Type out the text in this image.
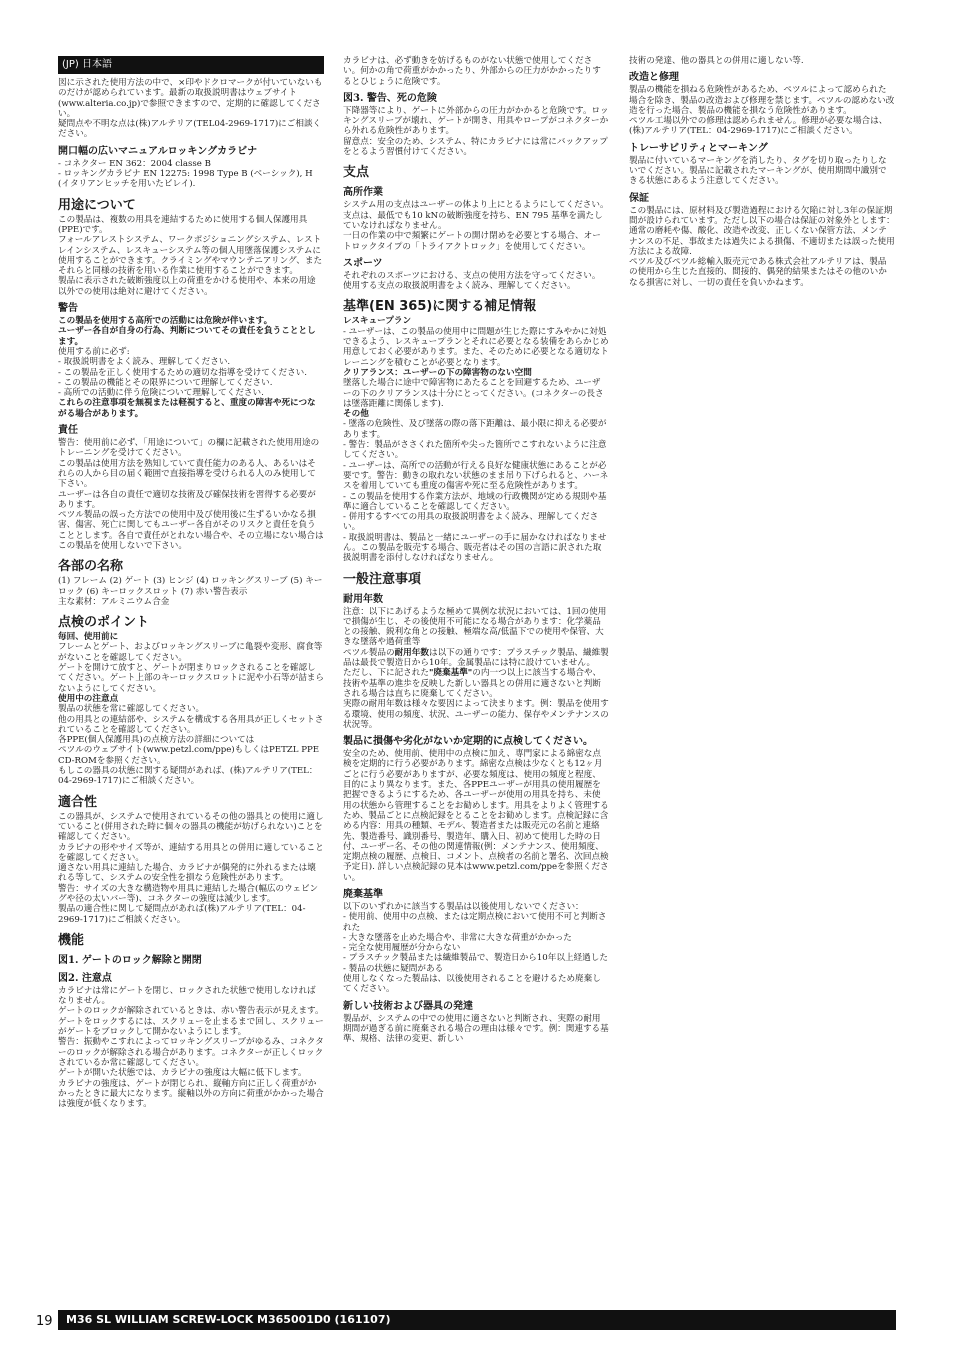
(JP) 日本語

図に示された使用方法の中で、×印やドクロマークが付いていないものだけが認められています。最新の取扱説明書はウェブサイト(www.alteria.co.jp)で参照できますので、定期的に確認してください。
疑問点や不明な点は(株)アルテリア(TEL04-2969-1717)にご相談ください。

開口幅の広いマニュアルロッキングカラビナ

- コネクター EN 362：2004 classe B
- ロッキングカラビナ EN 12275: 1998 Type B (ベーシック), H (イタリアンヒッチを用いたビレイ).

用途について

この製品は、複数の用具を連結するために使用する個人保護用具(PPE)です。
フォールアレストシステム、ワークポジショニングシステム、レストレインシステム、レスキューシステム等の個人用墜落保護システムに使用することができます。クライミングやマウンテニアリング、またそれらと同様の技術を用いる作業に使用することができます。
製品に表示された破断強度以上の荷重をかける使用や、本来の用途以外での使用は絶対に避けてください。

警告

この製品を使用する高所での活動には危険が伴います。
ユーザー各自が自身の行為、判断についてその責任を負うこととします。

使用する前に必ず:
- 取扱説明書をよく読み、理解してください.
- この製品を正しく使用するための適切な指導を受けてください.
- この製品の機能とその限界について理解してください.
- 高所での活動に伴う危険について理解してください.

これらの注意事項を無視または軽視すると、重度の障害や死につながる場合があります。

責任

警告：使用前に必ず、「用途について」の欄に記載された使用用途のトレーニングを受けてください。
この製品は使用方法を熟知していて責任能力のある人、あるいはそれらの人から目の届く範囲で直接指導を受けられる人のみ使用して下さい。
ユーザーは各自の責任で適切な技術及び確保技術を習得する必要があります。
ペツル製品の誤った方法での使用中及び使用後に生ずるいかなる損害、傷害、死亡に関してもユーザー各自がそのリスクと責任を負うこととします。各自で責任がとれない場合や、その立場にない場合はこの製品を使用しないで下さい。

各部の名称

(1) フレーム (2) ゲート (3) ヒンジ (4) ロッキングスリーブ (5) キーロック (6) キーロックスロット (7) 赤い警告表示
主な素材：アルミニウム合金

点検のポイント

毎回、使用前に

フレームとゲート、およびロッキングスリーブに亀裂や変形、腐食等がないことを確認してください。
ゲートを開けて放すと、ゲートが閉まりロックされることを確認してください。ゲート上部のキーロックスロットに泥や小石等が詰まらないようにしてください。

使用中の注意点

製品の状態を常に確認してください。
他の用具との連結部や、システムを構成する各用具が正しくセットされていることを確認してください。
各PPE(個人保護用具)の点検方法の詳細については
ペツルのウェブサイト(www.petzl.com/ppe)もしくはPETZL PPE CD-ROMを参照ください。
もしこの器具の状態に関する疑問があれば、(株)アルテリア(TEL：04-2969-1717)にご相談ください。

適合性

この器具が、システムで使用されているその他の器具との使用に適していること(併用された時に個々の器具の機能が妨げられない)ことを確認してください。
カラビナの形やサイズ等が、連結する用具との併用に適していることを確認してください。
適さない用具に連結した場合、カラビナが偶発的に外れるまたは壊れる等して、システムの安全性を損なう危険性があります。
警告：サイズの大きな構造物や用具に連結した場合(幅広のウェビングや径の太いバー等)、コネクターの強度は減少します。
製品の適合性に関して疑問点があれば(株)アルテリア(TEL：04-2969-1717)にご相談ください。

機能
図1. ゲートのロック解除と開閉
図2. 注意点

カラビナは常にゲートを閉じ、ロックされた状態で使用しなければなりません。
ゲートのロックが解除されているときは、赤い警告表示が見えます。
ゲートをロックするには、スクリューを止まるまで回し、スクリューがゲートをブロックして開かないようにします。
警告：振動やこすれによってロッキングスリーブがゆるみ、コネクターのロックが解除される場合があります。コネクターが正しくロックされているか常に確認してください。
ゲートが開いた状態では、カラビナの強度は大幅に低下します。
カラビナの強度は、ゲートが閉じられ、縦軸方向に正しく荷重がかかったときに最大になります。縦軸以外の方向に荷重がかかった場合は強度が低くなります。

カラビナは、必ず動きを妨げるものがない状態で使用してください。何かの角で荷重がかかったり、外部からの圧力がかかったりするとひじょうに危険です。

図3. 警告、死の危険

下降器等により、ゲートに外部からの圧力がかかると危険です。ロッキングスリーブが壊れ、ゲートが開き、用具やロープがコネクターから外れる危険性があります。
留意点：安全のため、システム、特にカラビナには常にバックアップをとるよう習慣付けてください。

支点
高所作業

システム用の支点はユーザーの体より上にとるようにしてください。支点は、最低でも10 kNの破断強度を持ち、EN 795 基準を満たしていなければなりません。
一日の作業の中で頻繁にゲートの開け閉めを必要とする場合、オートロックタイプの「トライアクトロック」を使用してください。

スポーツ

それぞれのスポーツにおける、支点の使用方法を守ってください。使用する支点の取扱説明書をよく読み、理解してください。

基準(EN 365)に関する補足情報

レスキュープラン

- ユーザーは、この製品の使用中に問題が生じた際にすみやかに対処できるよう、レスキュープランとそれに必要となる装備をあらかじめ用意しておく必要があります。また、そのために必要となる適切なトレーニングを積むことが必要となります。

クリアランス：ユーザーの下の障害物のない空間

墜落した場合に途中で障害物にあたることを回避するため、ユーザーの下のクリアランスは十分にとってください。(コネクターの長さは墜落距離に関係します).

その他

- 墜落の危険性、及び墜落の際の落下距離は、最小限に抑える必要があります。
- 警告：製品がささくれた箇所や尖った箇所でこすれないように注意してください。
- ユーザーは、高所での活動が行える良好な健康状態にあることが必要です。警告：動きの取れない状態のまま吊り下げられると、ハーネスを着用していても重度の傷害や死に至る危険性があります。
- この製品を使用する作業方法が、地域の行政機関が定める規則や基準に適合していることを確認してください。
- 併用するすべての用具の取扱説明書をよく読み、理解してください。
- 取扱説明書は、製品と一緒にユーザーの手に届かなければなりません。この製品を販売する場合、販売者はその国の言語に訳された取扱説明書を添付しなければなりません。

一般注意事項
耐用年数

注意：以下にあげるような極めて異例な状況においては、1回の使用で損傷が生じ、その後使用不可能になる場合があります：化学薬品との接触、鋭利な角との接触、極端な高/低温下での使用や保管、大きな墜落や過荷重等

ペツル製品の耐用年数は以下の通りです：プラスチック製品、繊維製品は最長で製造日から10年。金属製品には特に設けていません。

ただし、下に記された"廃棄基準"の内一つ以上に該当する場合や、技術や基準の進歩を反映した新しい器具との併用に適さないと判断される場合は直ちに廃棄してください。

実際の耐用年数は様々な要因によって決まります。例：製品を使用する環境、使用の頻度、状況、ユーザーの能力、保存やメンテナンスの状況等。

製品に損傷や劣化がないか定期的に点検してください。

安全のため、使用前、使用中の点検に加え、専門家による綿密な点検を定期的に行う必要があります。綿密な点検は少なくとも12ヶ月ごとに行う必要がありますが、必要な頻度は、使用の頻度と程度、目的により異なります。また、各PPEユーザーが用具の使用履歴を把握できるようにするため、各ユーザーが使用の用具を持ち、未使用の状態から管理することをお勧めします。用具をよりよく管理するため、製品ごとに点検記録をとることをお勧めします。点検記録に含める内容：用具の種類、モデル、製造者または販売元の名前と連絡先、製造番号、識別番号、製造年、購入日、初めて使用した時の日付、ユーザー名、その他の関連情報(例：メンテナンス、使用頻度、定期点検の履歴、点検日、コメント、点検者の名前と署名、次回点検予定日). 詳しい点検記録の見本はwww.petzl.com/ppeを参照ください。

廃棄基準

以下のいずれかに該当する製品は以後使用しないでください：
- 使用前、使用中の点検、または定期点検において使用不可と判断された
- 大きな墜落を止めた場合や、非常に大きな荷重がかかった
- 完全な使用履歴が分からない
- プラスチック製品または繊維製品で、製造日から10年以上経過した
- 製品の状態に疑問がある
使用しなくなった製品は、以後使用されることを避けるため廃棄してください。

新しい技術および器具の発達

製品が、システムの中での使用に適さないと判断され、実際の耐用期間が過ぎる前に廃棄される場合の理由は様々です。例：関連する基準、規格、法律の変更、新しい

技術の発達、他の器具との併用に適しない等.

改造と修理

製品の機能を損ねる危険性があるため、ペツルによって認められた場合を除き、製品の改造および修理を禁じます。ペツルの認めない改造を行った場合、製品の機能を損なう危険性があります。
ペツル工場以外での修理は認められません。修理が必要な場合は、(株)アルテリア(TEL：04-2969-1717)にご相談ください。

トレーサビリティとマーキング

製品に付いているマーキングを消したり、タグを切り取ったりしないでください。製品に記載されたマーキングが、使用期間中識別できる状態にあるよう注意してください。

保証

この製品には、原材料及び製造過程における欠陥に対し3年の保証期間が設けられています。ただし以下の場合は保証の対象外とします：通常の磨耗や傷、酸化、改造や改変、正しくない保管方法、メンテナンスの不足、事故または過失による損傷、不適切または誤った使用方法による故障.
ペツル及びペツル総輸入販売元である株式会社アルテリアは、製品の使用から生じた直接的、間接的、偶発的結果またはその他のいかなる損害に対し、一切の責任を負いかねます。

19	M36 SL WILLIAM SCREW-LOCK M365001D0 (161107)
